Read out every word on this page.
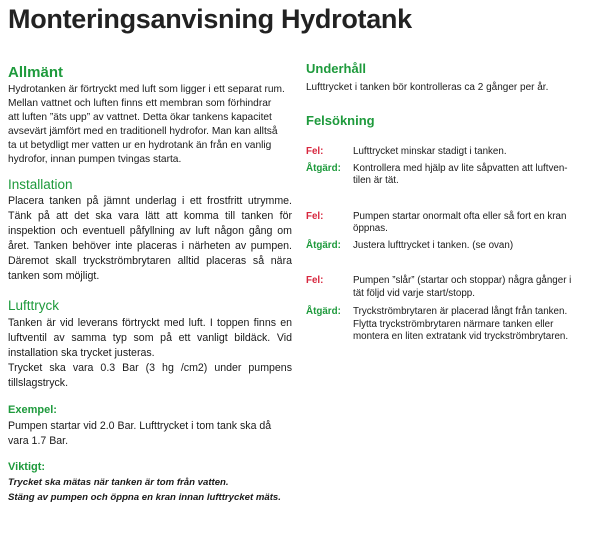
Monteringsanvisning Hydrotank
Allmänt

Hydrotanken är förtryckt med luft som ligger i ett separat rum.

Mellan vattnet och luften finns ett membran som förhindrar

att luften ”äts upp” av vattnet. Detta ökar tankens kapacitet

avsevärt jämfört med en traditionell hydrofor. Man kan alltså

ta ut betydligt mer vatten ur en hydrotank än från en vanlig

hydrofor, innan pumpen tvingas starta.

Installation

Placera tanken på jämnt underlag i ett frostfritt utrymme. Tänk på att det ska vara lätt att komma till tanken för inspektion och eventuell påfyllning av luft någon gång om året. Tanken behöver inte placeras i närheten av pumpen. Däremot skall tryckströmbrytaren alltid placeras så nära tanken som möjligt.

Lufttryck

Tanken är vid leverans förtryckt med luft. I toppen finns en luftventil av samma typ som på ett vanligt bildäck. Vid installation ska trycket justeras.

Trycket ska vara 0.3 Bar (3 hg /cm2) under pumpens tillslagstryck.

Exempel:

Pumpen startar vid 2.0 Bar. Lufttrycket i tom tank ska då vara 1.7 Bar.

Viktigt:

Trycket ska mätas när tanken är tom från vatten.

Stäng av pumpen och öppna en kran innan lufttrycket mäts.

Underhåll

Lufttrycket i tanken bör kontrolleras ca 2 gånger per år.

Felsökning
Fel:	Lufttrycket minskar stadigt i tanken.
Åtgärd:	Kontrollera med hjälp av lite såpvatten att luftven-
tilen är tät.
Fel:	Pumpen startar onormalt ofta eller så fort en kran
öppnas.
Åtgärd:	Justera lufttrycket i tanken. (se ovan)
Fel:	Pumpen ”slår” (startar och stoppar) några gånger i
tät följd vid varje start/stopp.
Åtgärd:	Tryckströmbrytaren är placerad långt från tanken.
Flytta tryckströmbrytaren närmare tanken eller
montera en liten extratank vid tryckströmbrytaren.
